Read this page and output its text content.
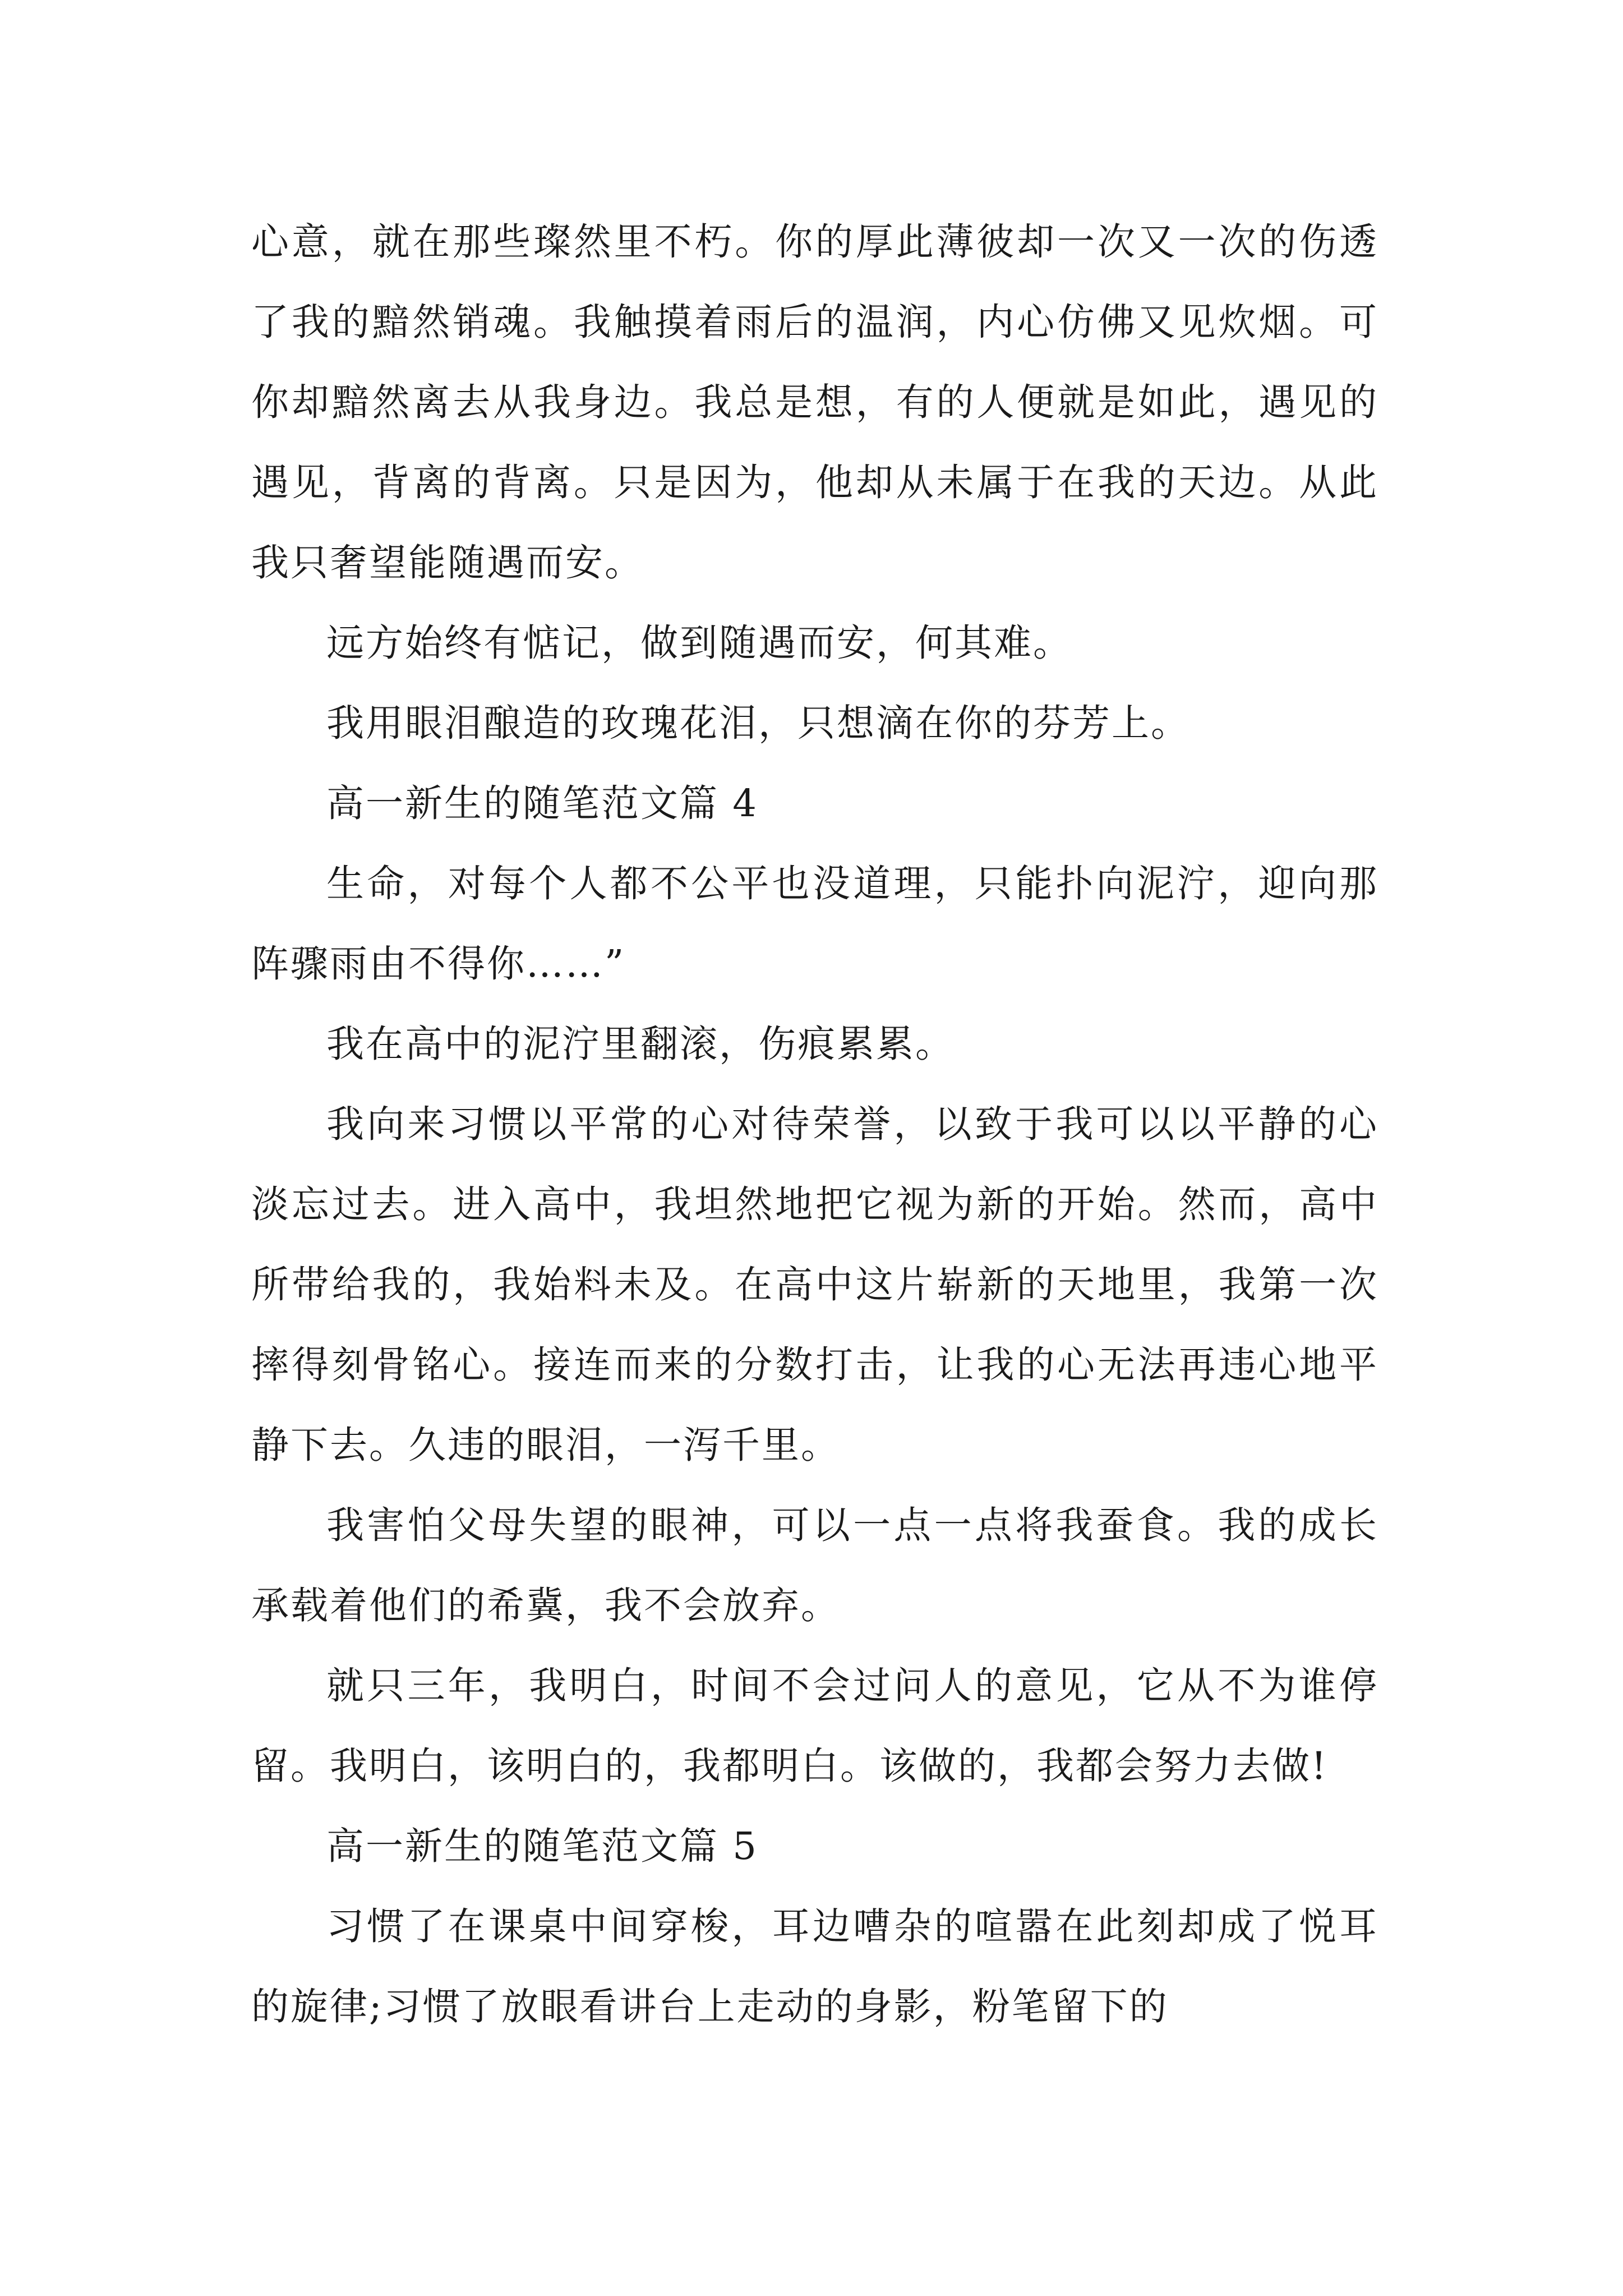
心意，就在那些璨然里不朽。你的厚此薄彼却一次又一次的伤透了我的黯然销魂。我触摸着雨后的温润，内心仿佛又见炊烟。可你却黯然离去从我身边。我总是想，有的人便就是如此，遇见的遇见，背离的背离。只是因为，他却从未属于在我的天边。从此我只奢望能随遇而安。

远方始终有惦记，做到随遇而安，何其难。

我用眼泪酿造的玫瑰花泪，只想滴在你的芬芳上。

高一新生的随笔范文篇 4

生命，对每个人都不公平也没道理，只能扑向泥泞，迎向那阵骤雨由不得你……”

我在高中的泥泞里翻滚，伤痕累累。

我向来习惯以平常的心对待荣誉，以致于我可以以平静的心淡忘过去。进入高中，我坦然地把它视为新的开始。然而，高中所带给我的，我始料未及。在高中这片崭新的天地里，我第一次摔得刻骨铭心。接连而来的分数打击，让我的心无法再违心地平静下去。久违的眼泪，一泻千里。

我害怕父母失望的眼神，可以一点一点将我蚕食。我的成长承载着他们的希冀，我不会放弃。

就只三年，我明白，时间不会过问人的意见，它从不为谁停留。我明白，该明白的，我都明白。该做的，我都会努力去做!

高一新生的随笔范文篇 5

习惯了在课桌中间穿梭，耳边嘈杂的喧嚣在此刻却成了悦耳的旋律;习惯了放眼看讲台上走动的身影，粉笔留下的
